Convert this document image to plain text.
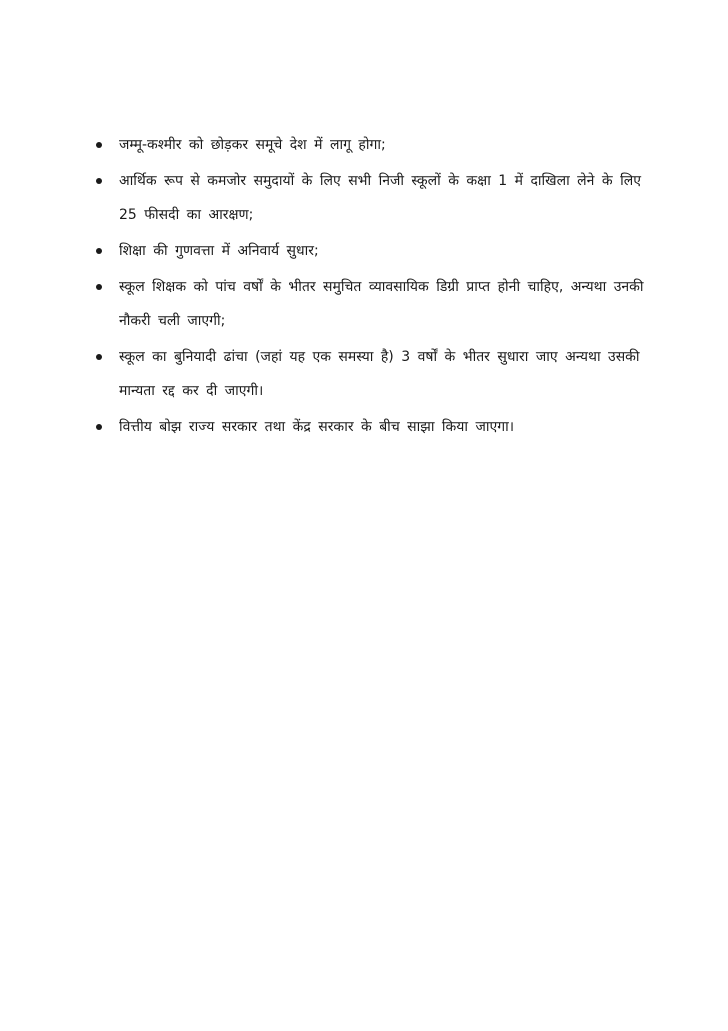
जम्मू-कश्मीर को छोड़कर समूचे देश में लागू होगा;
आर्थिक रूप से कमजोर समुदायों के लिए सभी निजी स्कूलों के कक्षा 1 में दाखिला लेने के लिए 25 फीसदी का आरक्षण;
शिक्षा की गुणवत्ता में अनिवार्य सुधार;
स्कूल शिक्षक को पांच वर्षों के भीतर समुचित व्यावसायिक डिग्री प्राप्त होनी चाहिए, अन्यथा उनकी नौकरी चली जाएगी;
स्कूल का बुनियादी ढांचा (जहां यह एक समस्या है) 3 वर्षों के भीतर सुधारा जाए अन्यथा उसकी मान्यता रद्द कर दी जाएगी।
वित्तीय बोझ राज्य सरकार तथा केंद्र सरकार के बीच साझा किया जाएगा।
